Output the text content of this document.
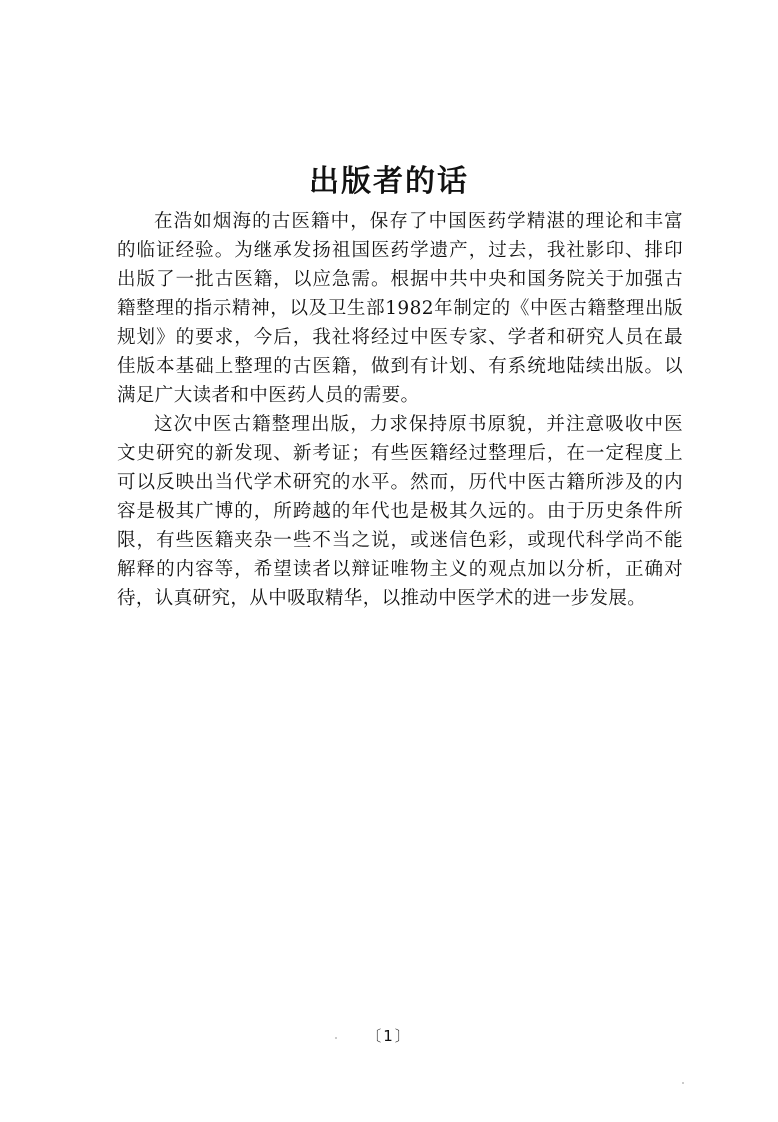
出版者的话

在浩如烟海的古医籍中，保存了中国医药学精湛的理论和丰富的临证经验。为继承发扬祖国医药学遗产，过去，我社影印、排印出版了一批古医籍，以应急需。根据中共中央和国务院关于加强古籍整理的指示精神，以及卫生部1982年制定的《中医古籍整理出版规划》的要求，今后，我社将经过中医专家、学者和研究人员在最佳版本基础上整理的古医籍，做到有计划、有系统地陆续出版。以满足广大读者和中医药人员的需要。

这次中医古籍整理出版，力求保持原书原貌，并注意吸收中医文史研究的新发现、新考证；有些医籍经过整理后，在一定程度上可以反映出当代学术研究的水平。然而，历代中医古籍所涉及的内容是极其广博的，所跨越的年代也是极其久远的。由于历史条件所限，有些医籍夹杂一些不当之说，或迷信色彩，或现代科学尚不能解释的内容等，希望读者以辩证唯物主义的观点加以分析，正确对待，认真研究，从中吸取精华，以推动中医学术的进一步发展。

〔1〕
